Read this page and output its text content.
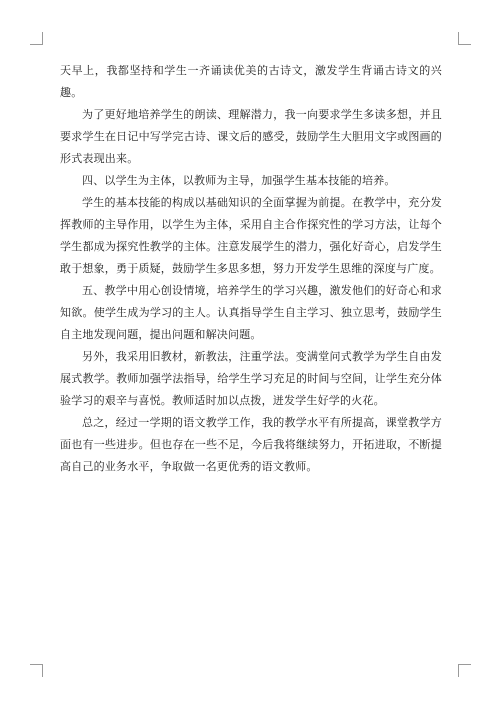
天早上，我都坚持和学生一齐诵读优美的古诗文，激发学生背诵古诗文的兴趣。

为了更好地培养学生的朗读、理解潜力，我一向要求学生多读多想，并且要求学生在日记中写学完古诗、课文后的感受，鼓励学生大胆用文字或图画的形式表现出来。

四、以学生为主体，以教师为主导，加强学生基本技能的培养。

学生的基本技能的构成以基础知识的全面掌握为前提。在教学中，充分发挥教师的主导作用，以学生为主体，采用自主合作探究性的学习方法，让每个学生都成为探究性教学的主体。注意发展学生的潜力，强化好奇心，启发学生敢于想象，勇于质疑，鼓励学生多思多想，努力开发学生思维的深度与广度。

五、教学中用心创设情境，培养学生的学习兴趣，激发他们的好奇心和求知欲。使学生成为学习的主人。认真指导学生自主学习、独立思考，鼓励学生自主地发现问题，提出问题和解决问题。

另外，我采用旧教材，新教法，注重学法。变满堂问式教学为学生自由发展式教学。教师加强学法指导，给学生学习充足的时间与空间，让学生充分体验学习的艰辛与喜悦。教师适时加以点拨，迸发学生好学的火花。

总之，经过一学期的语文教学工作，我的教学水平有所提高，课堂教学方面也有一些进步。但也存在一些不足，今后我将继续努力，开拓进取，不断提高自己的业务水平，争取做一名更优秀的语文教师。
